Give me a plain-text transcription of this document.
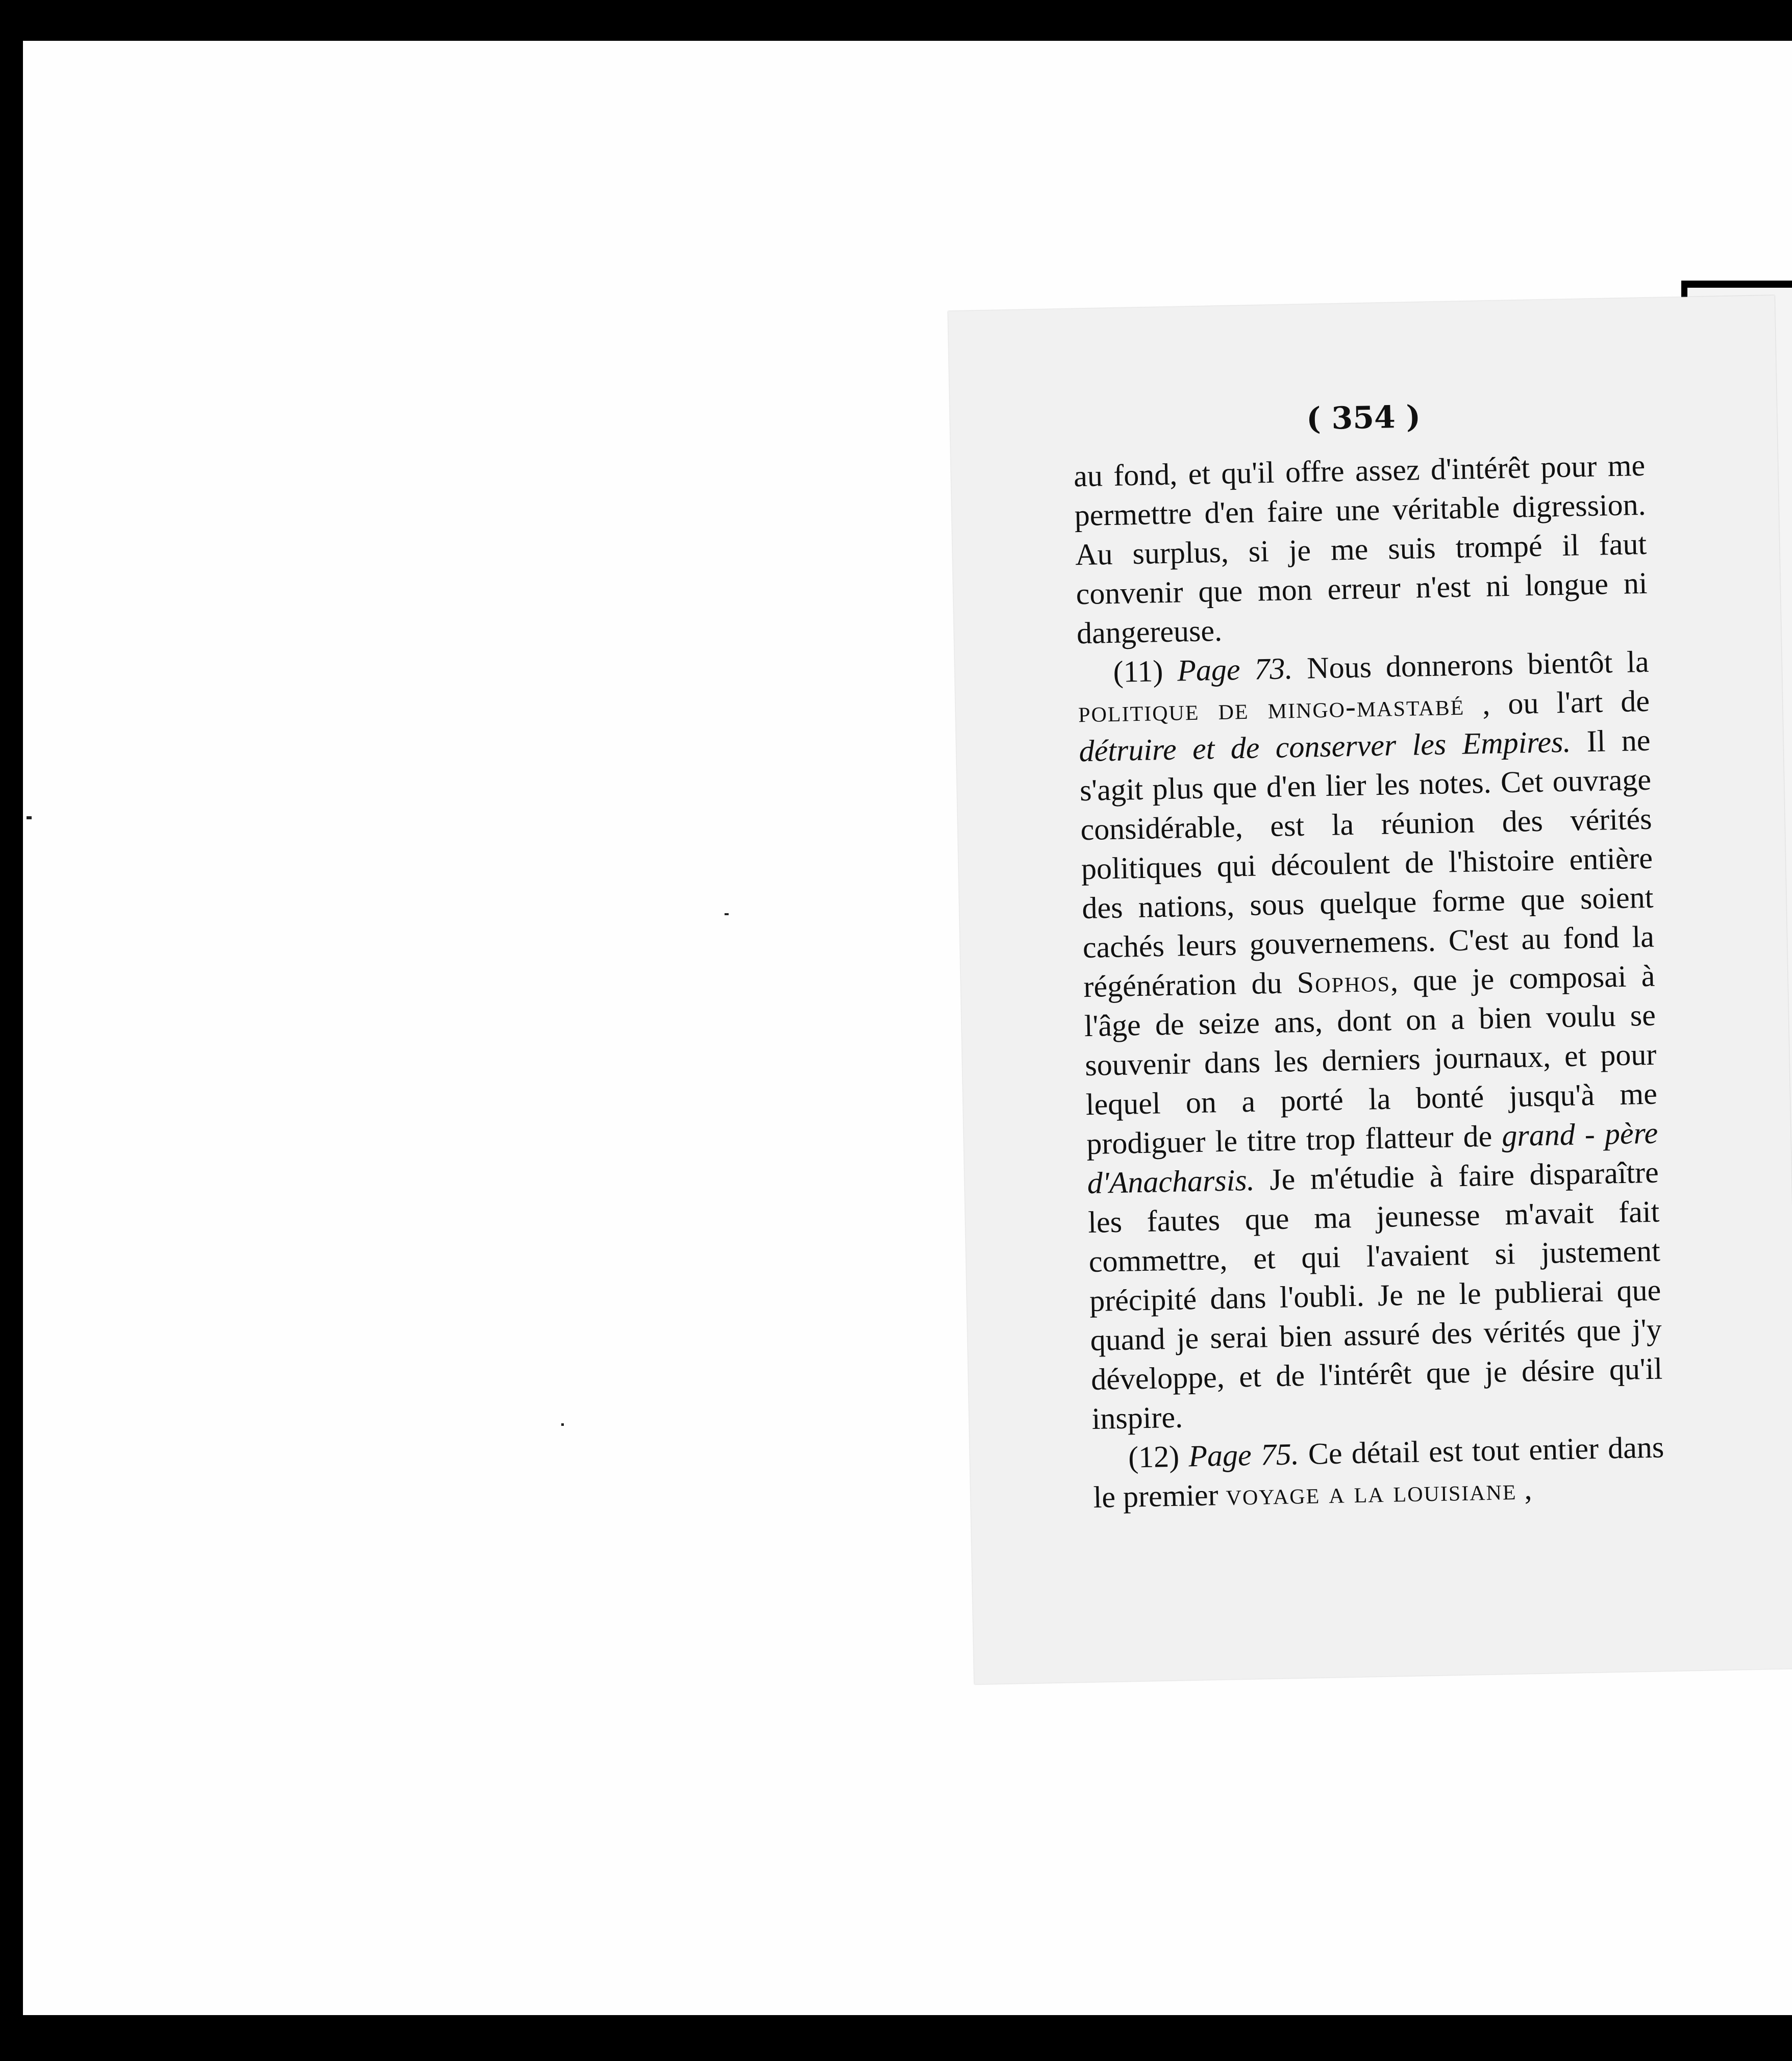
( 354 )

au fond, et qu'il offre assez d'intérêt pour me permettre d'en faire une véritable digression. Au surplus, si je me suis trompé il faut convenir que mon erreur n'est ni longue ni dangereuse.

(11) Page 73. Nous donnerons bientôt la politique de mingo-mastabé , ou l'art de détruire et de conserver les Empires. Il ne s'agit plus que d'en lier les notes. Cet ouvrage considérable, est la réunion des vérités politiques qui découlent de l'histoire entière des nations, sous quelque forme que soient cachés leurs gouvernemens. C'est au fond la régénération du Sophos, que je composai à l'âge de seize ans, dont on a bien voulu se souvenir dans les derniers journaux, et pour lequel on a porté la bonté jusqu'à me prodiguer le titre trop flatteur de grand - père d'Anacharsis. Je m'étudie à faire disparaître les fautes que ma jeunesse m'avait fait commettre, et qui l'avaient si justement précipité dans l'oubli. Je ne le publierai que quand je serai bien assuré des vérités que j'y développe, et de l'intérêt que je désire qu'il inspire.

(12) Page 75. Ce détail est tout entier dans le premier voyage a la louisiane ,
